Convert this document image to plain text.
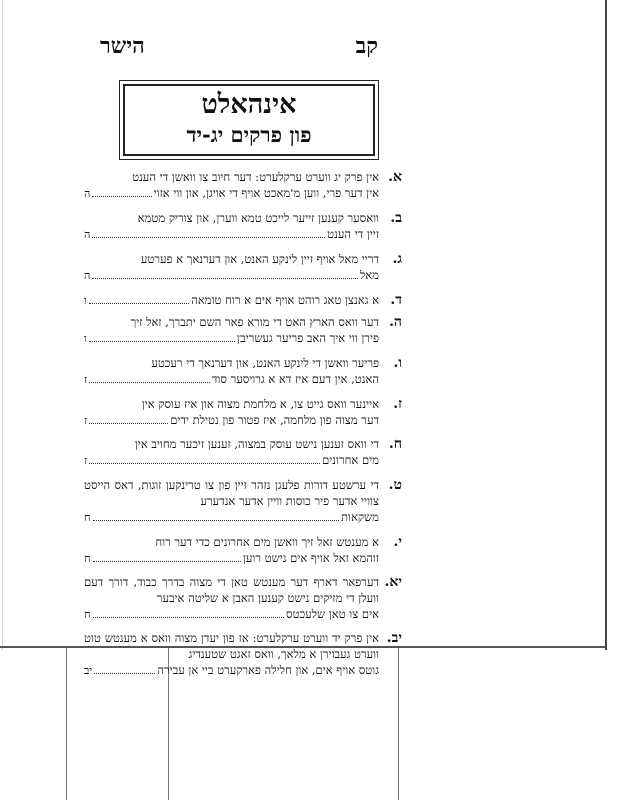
קב
הישר
אינהאלט
פון פרקים יג-יד
א.
אין פרק יג ווערט ערקלערט: דער חיוב צו וואשן די הענט
אין דער פרי, ווען מ'מאכט אויף די אויגן, און ווי אזוי
ה
ב.
וואסער קענען זייער לייכט טמא ווערן, און צוריק מטמא
זיין די הענט
ה
ג.
דריי מאל אויף זיין לינקע האנט, און דערנאך א פערטע
מאל
ה
ד.
א גאנצן טאג רוהט אויף אים א רוח טומאה
ו
ה.
דער וואס הארץ האט די מורא פאר השם יתברך, זאל זיך
פירן ווי איך האב פריער געשריבן
ו
ו.
פריער וואשן די לינקע האנט, און דערנאך די רעכטע
האנט, אין דעם איז דא א גרויסער סוד
ז
ז.
איינער וואס גייט צו, א מלחמת מצוה און איז עוסק אין
דער מצוה פון מלחמה, איז פטור פון נטילת ידים
ז
ח.
די וואס זענען נישט עוסק במצוה, זענען זיכער מחויב אין
מים אחרונים
ז
ט.
די ערשטע דורות פלעגן נזהר זיין פון צו טרינקען זוגות, דאס הייסט צוויי אדער פיר כוסות וויין אדער אנדערע
משקאות
ח
י.
א מענטש זאל זיך וואשן מים אחרונים כדי דער רוח
זוהמא זאל אויף אים נישט רוען
ח
יא.
דערפאר דארף דער מענטש טאן די מצוה בדרך כבוד, דורך דעם וועלן די מזיקים נישט קענען האבן א שליטה איבער
אים צו טאן שלעכטס
ח
יב.
אין פרק יד ווערט ערקלערט: אז פון יעדן מצוה וואס א מענטש טוט ווערט געבוירן א מלאך, וואס זאגט שטענדיג
גוטס אויף אים, און חלילה פארקערט ביי אן עבירה
יב
